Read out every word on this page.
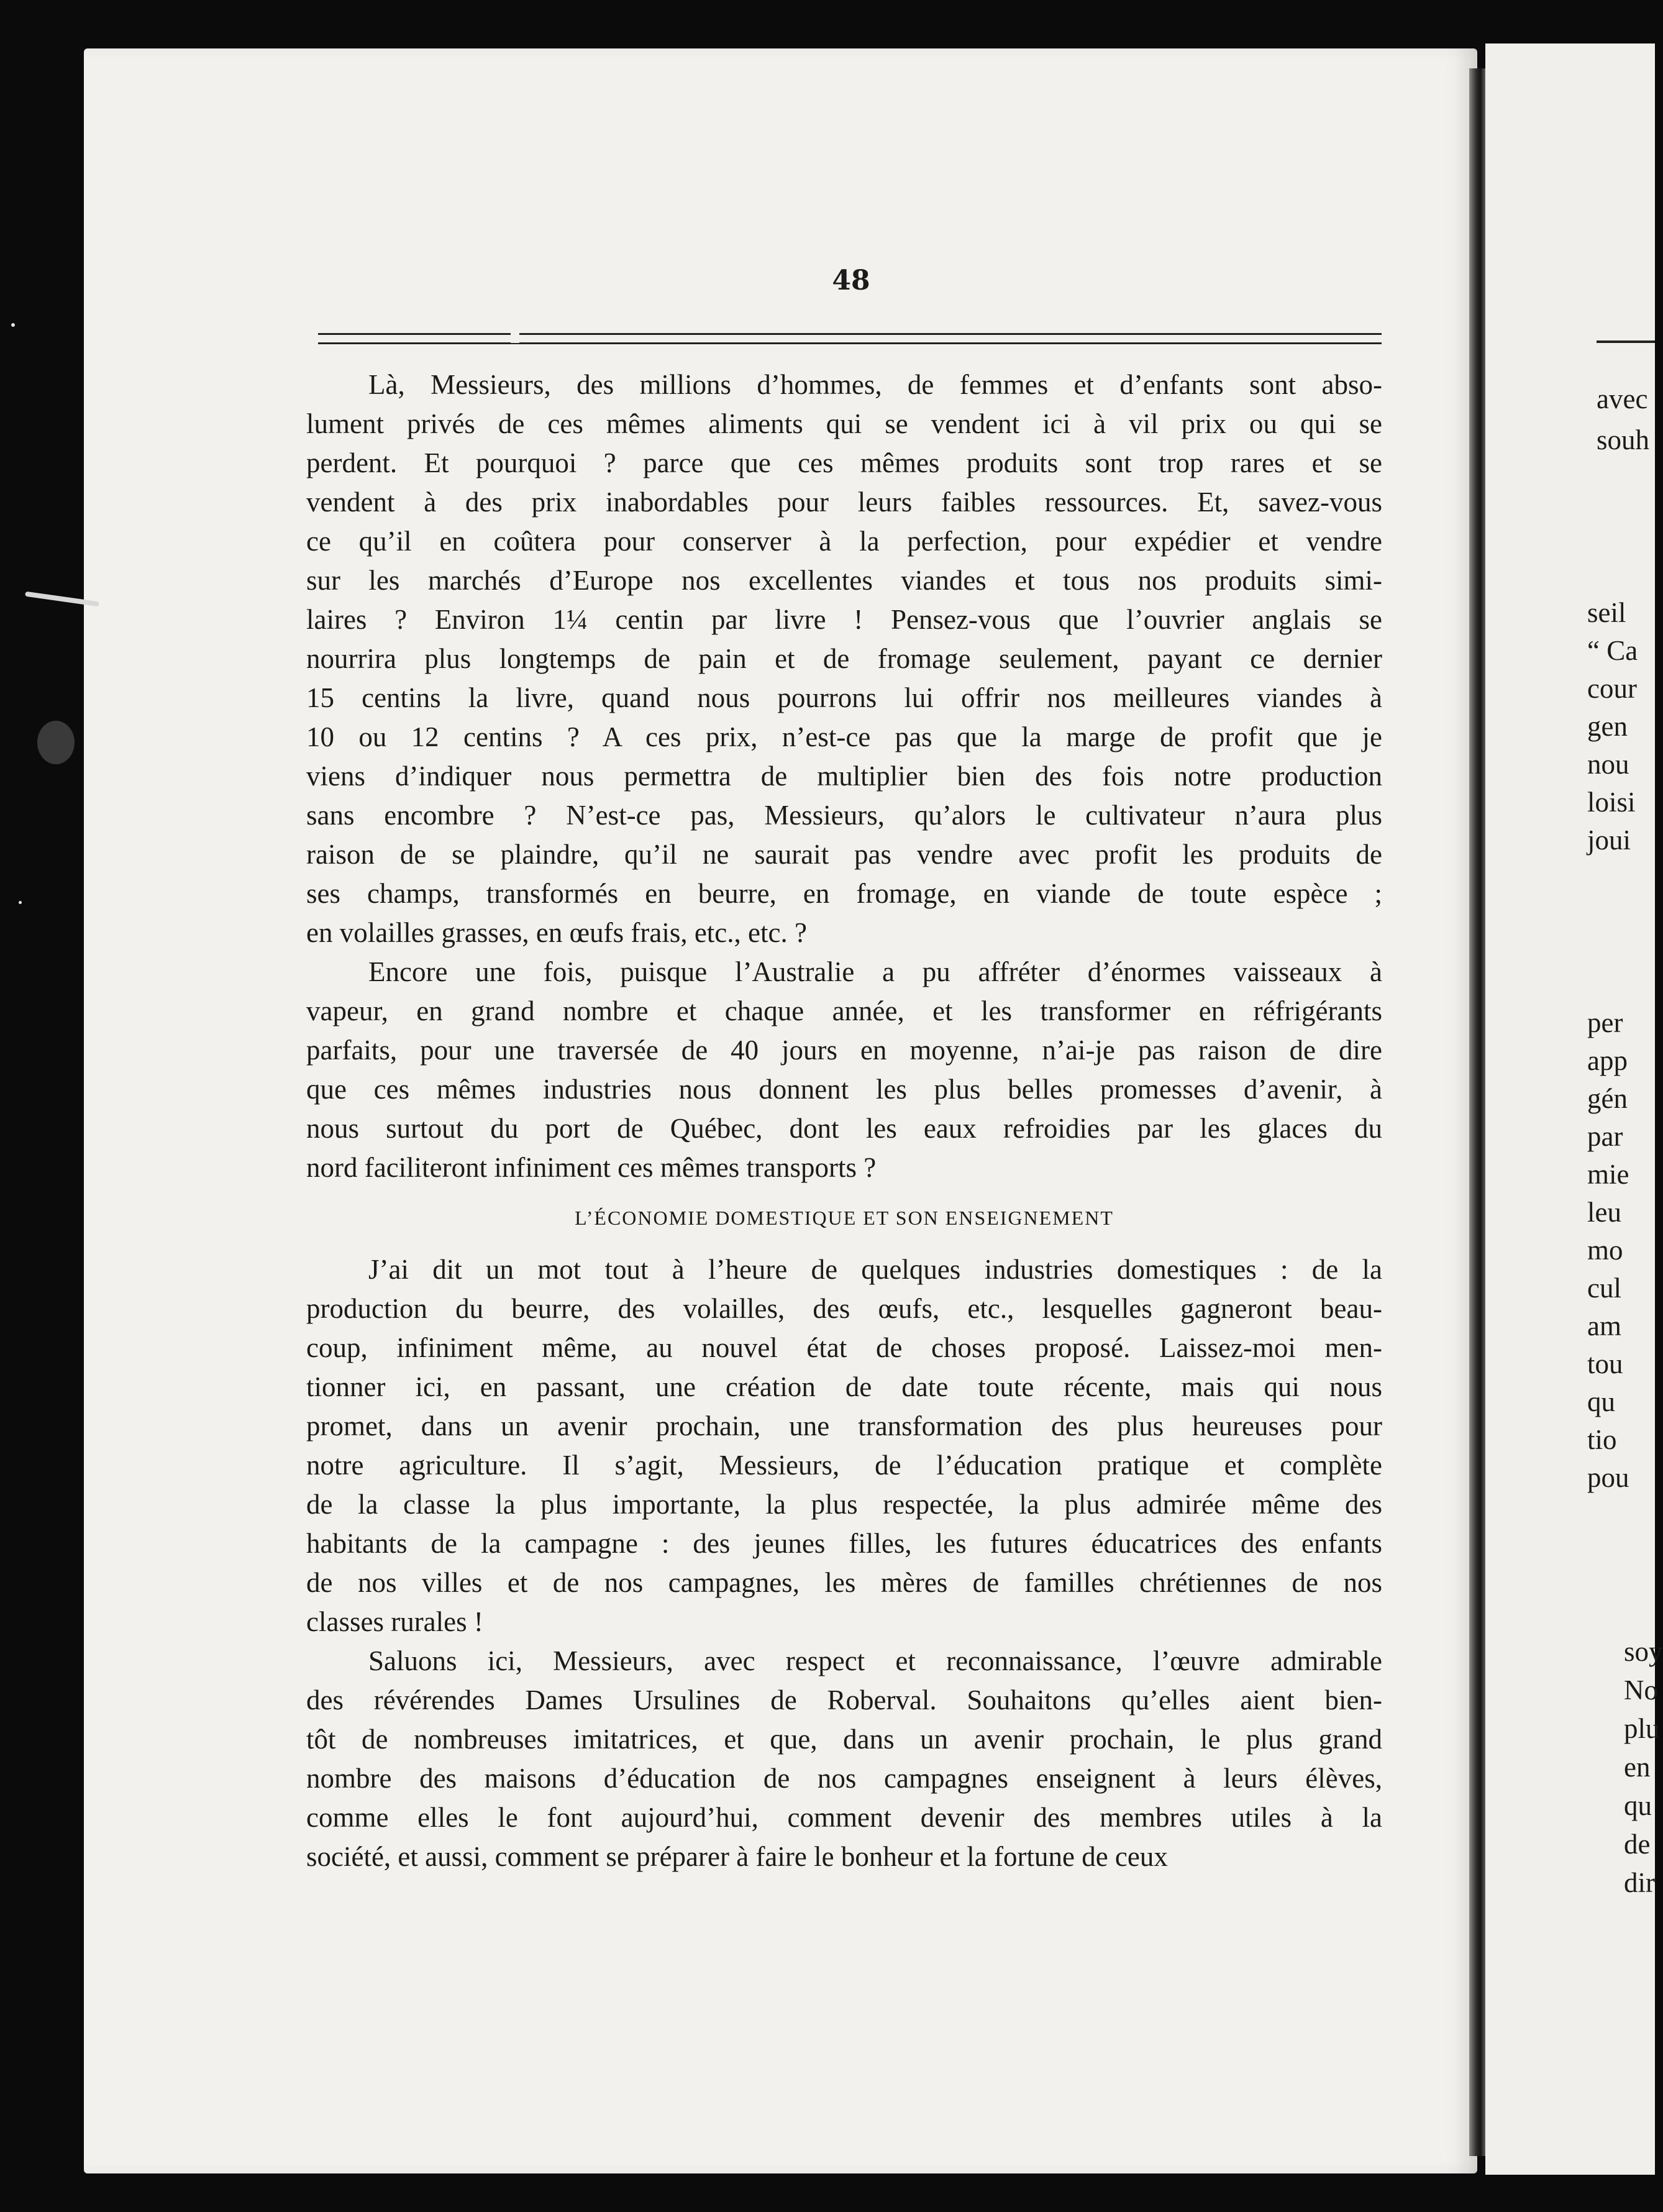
48
Là, Messieurs, des millions d’hommes, de femmes et d’enfants sont abso-
lument privés de ces mêmes aliments qui se vendent ici à vil prix ou qui se
perdent. Et pourquoi ? parce que ces mêmes produits sont trop rares et se
vendent à des prix inabordables pour leurs faibles ressources. Et, savez-vous
ce qu’il en coûtera pour conserver à la perfection, pour expédier et vendre
sur les marchés d’Europe nos excellentes viandes et tous nos produits simi-
laires ? Environ 1¼ centin par livre ! Pensez-vous que l’ouvrier anglais se
nourrira plus longtemps de pain et de fromage seulement, payant ce dernier
15 centins la livre, quand nous pourrons lui offrir nos meilleures viandes à
10 ou 12 centins ? A ces prix, n’est-ce pas que la marge de profit que je
viens d’indiquer nous permettra de multiplier bien des fois notre production
sans encombre ? N’est-ce pas, Messieurs, qu’alors le cultivateur n’aura plus
raison de se plaindre, qu’il ne saurait pas vendre avec profit les produits de
ses champs, transformés en beurre, en fromage, en viande de toute espèce ;
en volailles grasses, en œufs frais, etc., etc. ?
Encore une fois, puisque l’Australie a pu affréter d’énormes vaisseaux à
vapeur, en grand nombre et chaque année, et les transformer en réfrigérants
parfaits, pour une traversée de 40 jours en moyenne, n’ai-je pas raison de dire
que ces mêmes industries nous donnent les plus belles promesses d’avenir, à
nous surtout du port de Québec, dont les eaux refroidies par les glaces du
nord faciliteront infiniment ces mêmes transports ?
L’ÉCONOMIE DOMESTIQUE ET SON ENSEIGNEMENT
J’ai dit un mot tout à l’heure de quelques industries domestiques : de la
production du beurre, des volailles, des œufs, etc., lesquelles gagneront beau-
coup, infiniment même, au nouvel état de choses proposé. Laissez-moi men-
tionner ici, en passant, une création de date toute récente, mais qui nous
promet, dans un avenir prochain, une transformation des plus heureuses pour
notre agriculture. Il s’agit, Messieurs, de l’éducation pratique et complète
de la classe la plus importante, la plus respectée, la plus admirée même des
habitants de la campagne : des jeunes filles, les futures éducatrices des enfants
de nos villes et de nos campagnes, les mères de familles chrétiennes de nos
classes rurales !
Saluons ici, Messieurs, avec respect et reconnaissance, l’œuvre admirable
des révérendes Dames Ursulines de Roberval. Souhaitons qu’elles aient bien-
tôt de nombreuses imitatrices, et que, dans un avenir prochain, le plus grand
nombre des maisons d’éducation de nos campagnes enseignent à leurs élèves,
comme elles le font aujourd’hui, comment devenir des membres utiles à la
société, et aussi, comment se préparer à faire le bonheur et la fortune de ceux
avec
souh
seil
“ Ca
cour
gen
nou
loisi
joui
per
app
gén
par
mie
leu
mo
cul
am
tou
qu
tio
pou
soy
No
plu
en
qu
de
dir
